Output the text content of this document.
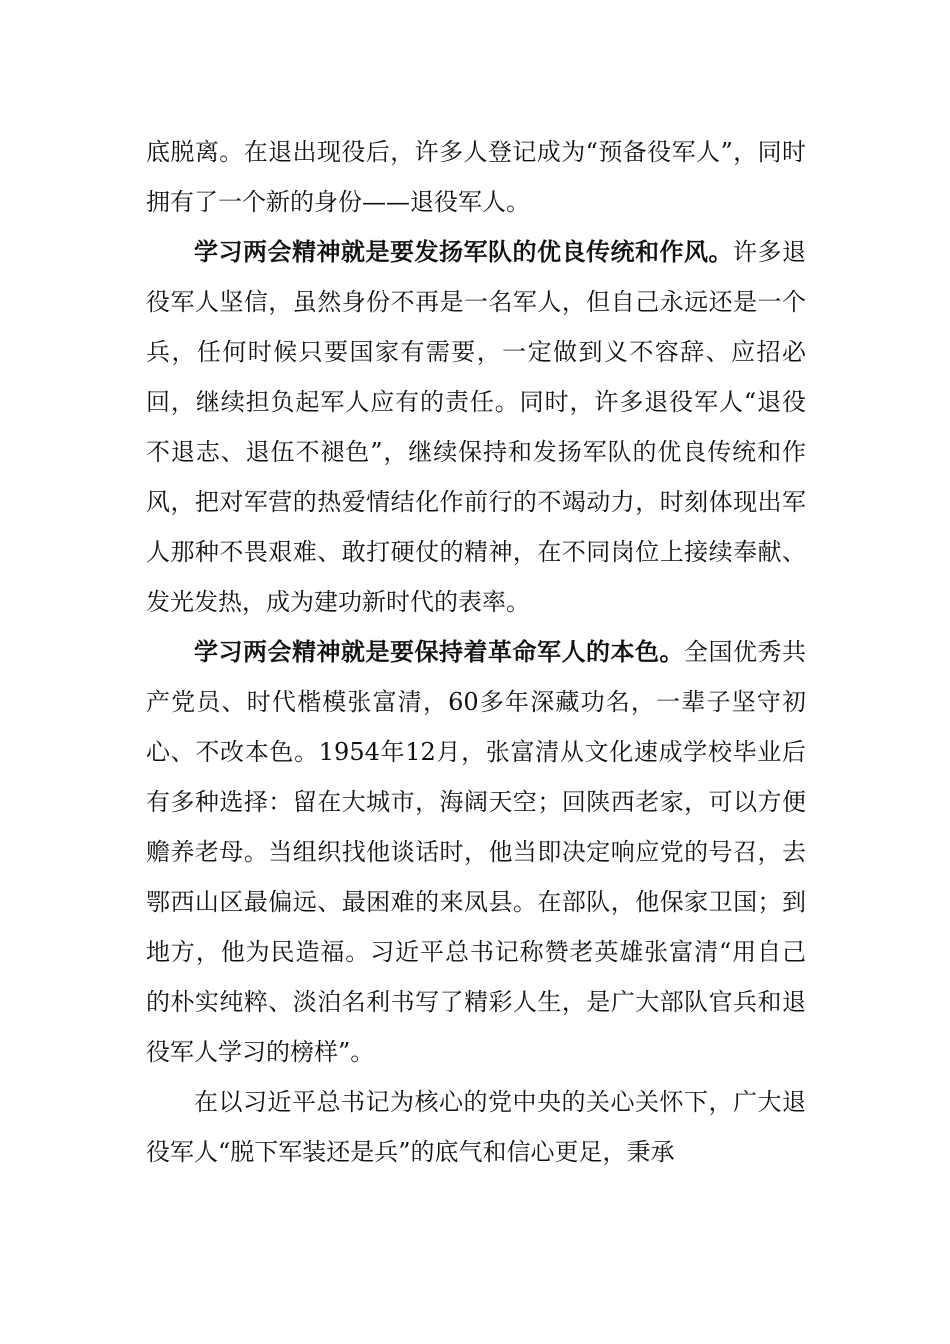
底脱离。在退出现役后，许多人登记成为“预备役军人”，同时拥有了一个新的身份——退役军人。

学习两会精神就是要发扬军队的优良传统和作风。许多退役军人坚信，虽然身份不再是一名军人，但自己永远还是一个兵，任何时候只要国家有需要，一定做到义不容辞、应招必回，继续担负起军人应有的责任。同时，许多退役军人“退役不退志、退伍不褪色”，继续保持和发扬军队的优良传统和作风，把对军营的热爱情结化作前行的不竭动力，时刻体现出军人那种不畏艰难、敢打硬仗的精神，在不同岗位上接续奉献、发光发热，成为建功新时代的表率。

学习两会精神就是要保持着革命军人的本色。全国优秀共产党员、时代楷模张富清，60多年深藏功名，一辈子坚守初心、不改本色。1954年12月，张富清从文化速成学校毕业后有多种选择：留在大城市，海阔天空；回陕西老家，可以方便赡养老母。当组织找他谈话时，他当即决定响应党的号召，去鄂西山区最偏远、最困难的来凤县。在部队，他保家卫国；到地方，他为民造福。习近平总书记称赞老英雄张富清“用自己的朴实纯粹、淡泊名利书写了精彩人生，是广大部队官兵和退役军人学习的榜样”。

在以习近平总书记为核心的党中央的关心关怀下，广大退役军人“脱下军装还是兵”的底气和信心更足，秉承
